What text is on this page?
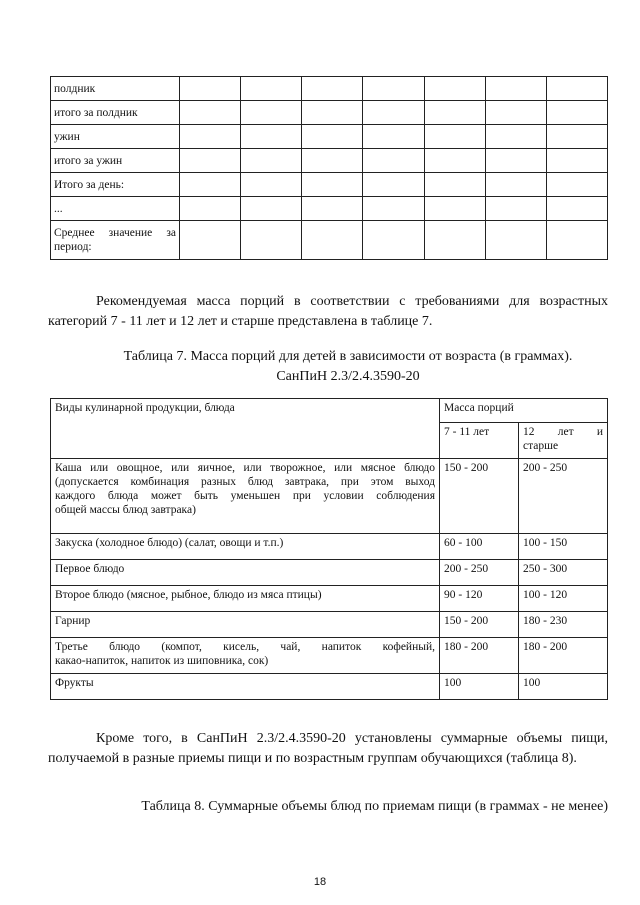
полдник							
итого за полдник							
ужин							
итого за ужин							
Итого за день:							
...							

Среднее значение за
период:							

Рекомендуемая масса порций в соответствии с требованиями для возрастных категорий 7 - 11 лет и 12 лет и старше представлена в таблице 7.

Таблица 7. Масса порций для детей в зависимости от возраста (в граммах).
СанПиН 2.3/2.4.3590-20
Виды кулинарной продукции, блюда	Масса порций	
	7 - 11 лет	12 лет и
старше

Каша или овощное, или яичное, или творожное, или мясное блюдо
(допускается комбинация разных блюд завтрака, при этом выход
каждого блюда может быть уменьшен при условии соблюдения
общей массы блюд завтрака)	150 - 200	200 - 250
Закуска (холодное блюдо) (салат, овощи и т.п.)	60 - 100	100 - 150
Первое блюдо	200 - 250	250 - 300
Второе блюдо (мясное, рыбное, блюдо из мяса птицы)	90 - 120	100 - 120
Гарнир	150 - 200	180 - 230

Третье блюдо (компот, кисель, чай, напиток кофейный,
какао-напиток, напиток из шиповника, сок)	180 - 200	180 - 200
Фрукты	100	100

Кроме того, в СанПиН 2.3/2.4.3590-20 установлены суммарные объемы пищи, получаемой в разные приемы пищи и по возрастным группам обучающихся (таблица 8).

Таблица 8. Суммарные объемы блюд по приемам пищи (в граммах - не менее)
18
